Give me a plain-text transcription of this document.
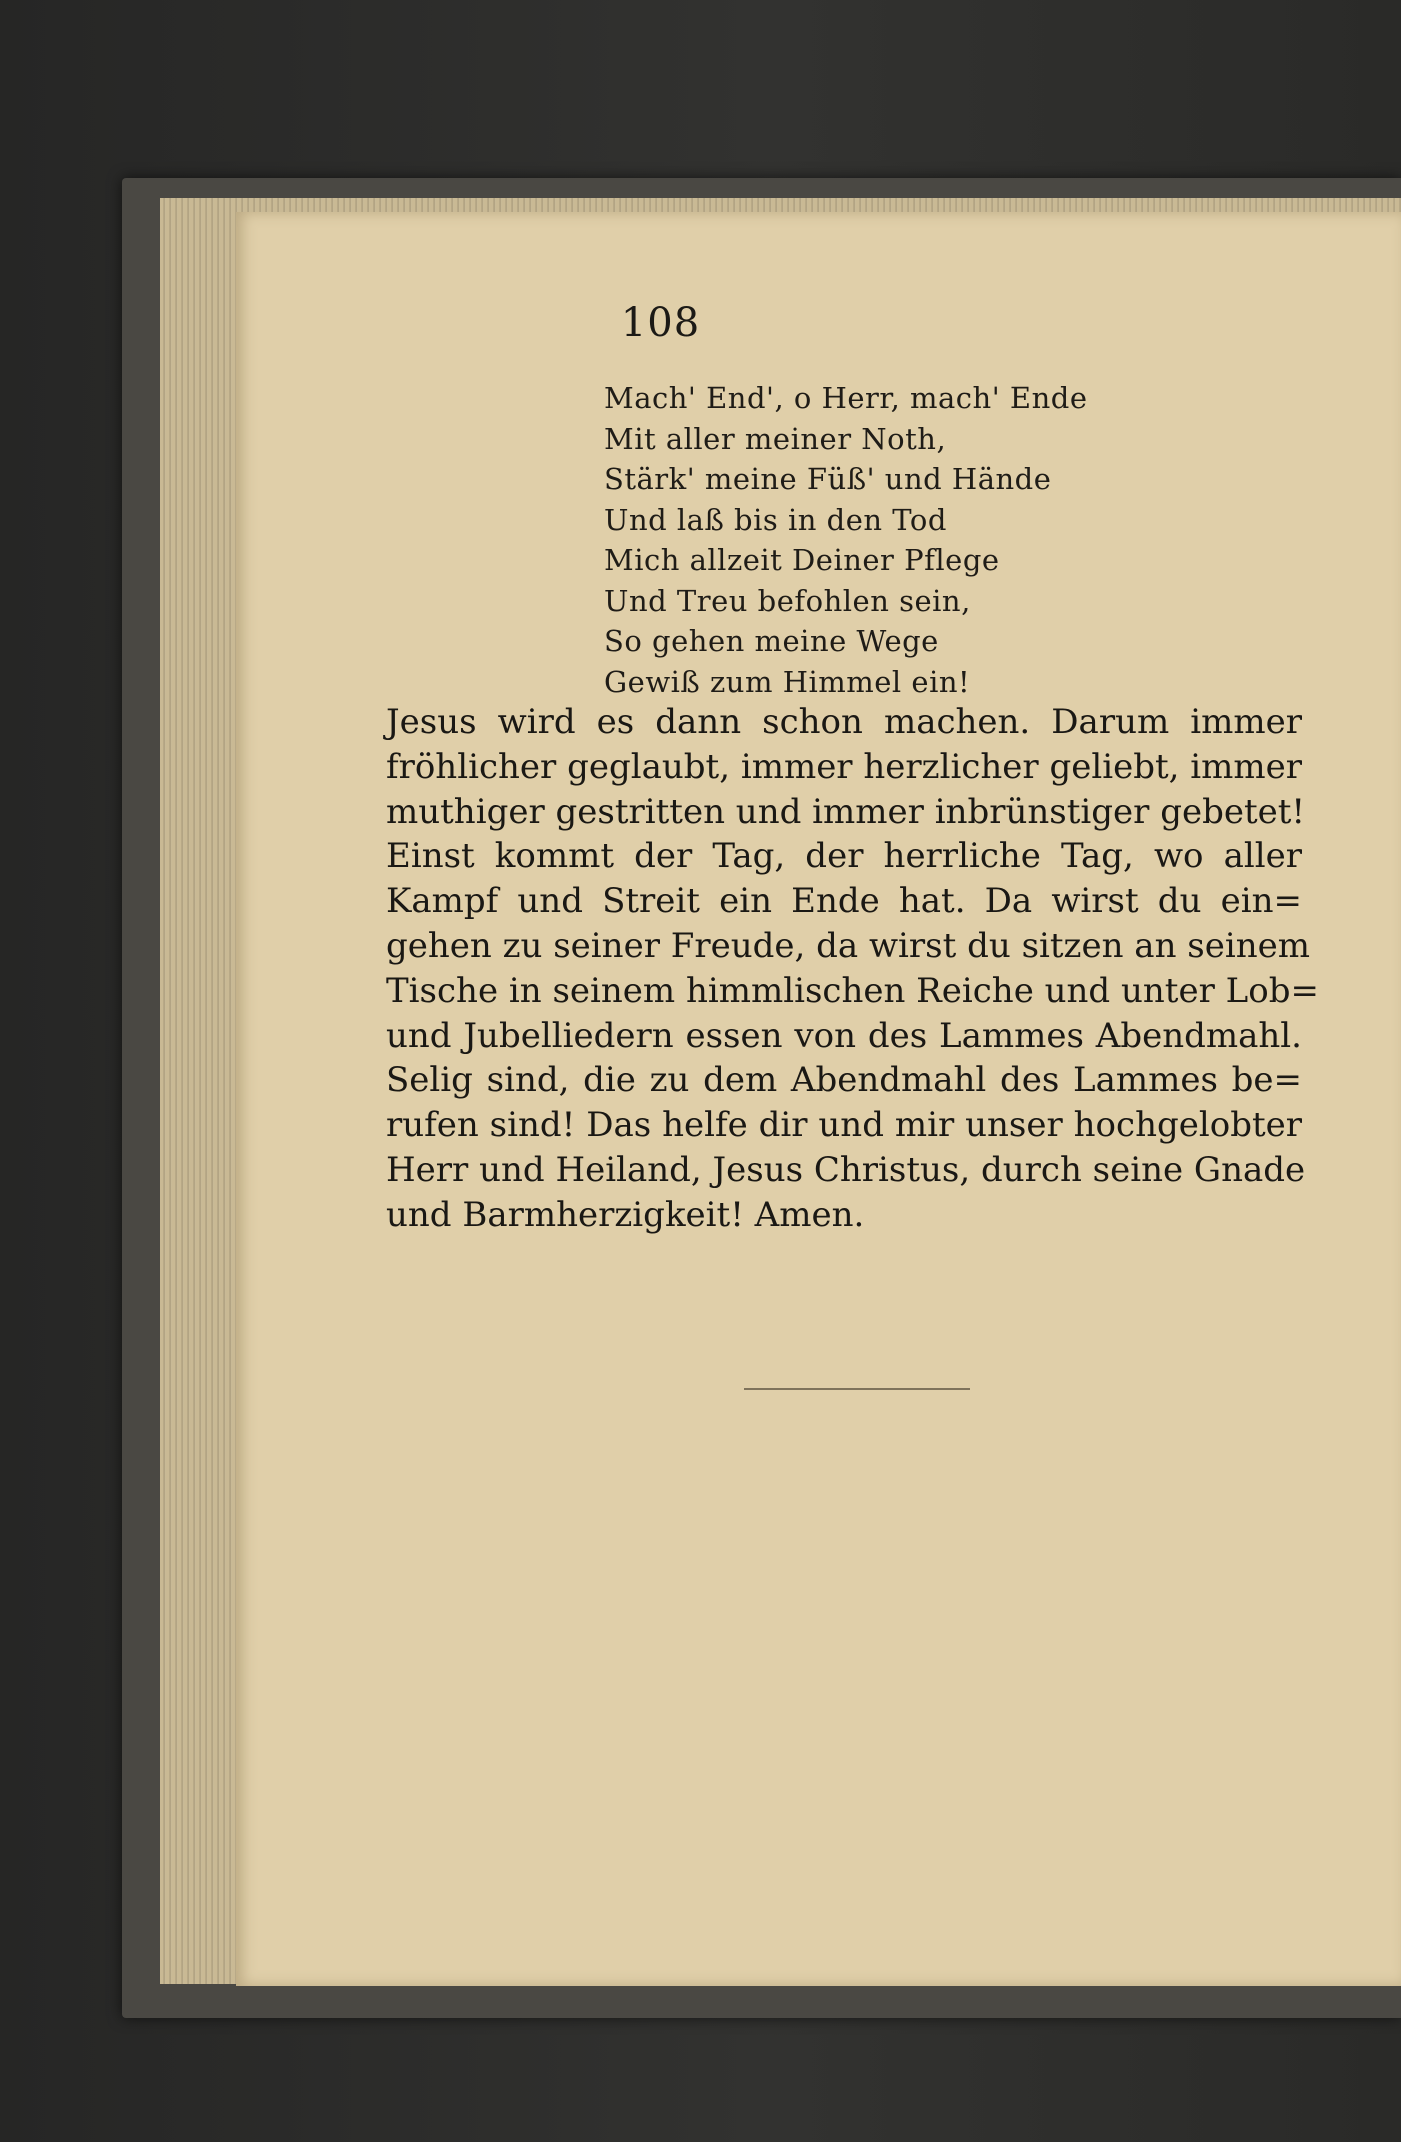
108
Mach' End', o Herr, mach' Ende
Mit aller meiner Noth,
Stärk' meine Füß' und Hände
Und laß bis in den Tod
Mich allzeit Deiner Pflege
Und Treu befohlen sein,
So gehen meine Wege
Gewiß zum Himmel ein!
Jesus wird es dann schon machen. Darum immer
fröhlicher geglaubt, immer herzlicher geliebt, immer
muthiger gestritten und immer inbrünstiger gebetet!
Einst kommt der Tag, der herrliche Tag, wo aller
Kampf und Streit ein Ende hat. Da wirst du ein=
gehen zu seiner Freude, da wirst du sitzen an seinem
Tische in seinem himmlischen Reiche und unter Lob=
und Jubelliedern essen von des Lammes Abendmahl.
Selig sind, die zu dem Abendmahl des Lammes be=
rufen sind! Das helfe dir und mir unser hochgelobter
Herr und Heiland, Jesus Christus, durch seine Gnade
und Barmherzigkeit! Amen.
